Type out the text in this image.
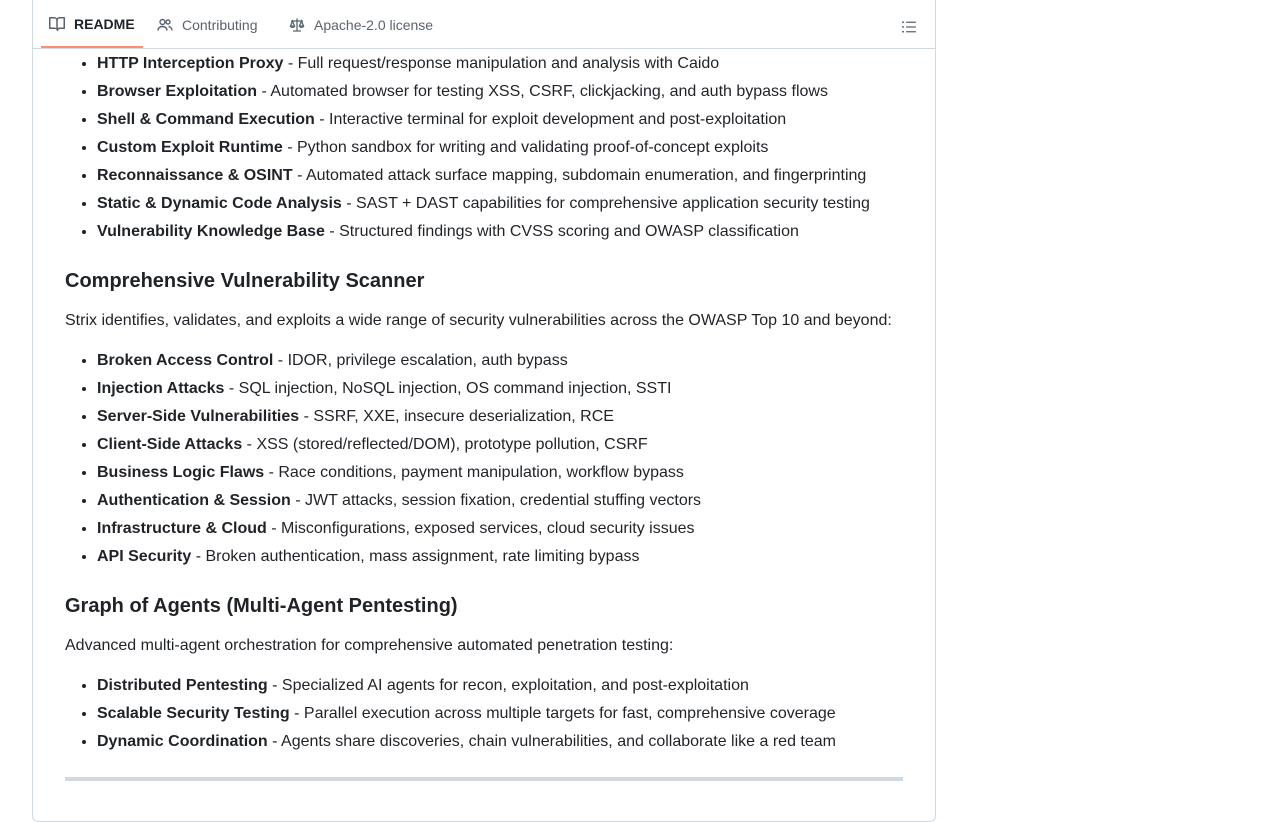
README	Contributing	Apache-2.0 license
• HTTP Interception Proxy - Full request/response manipulation and analysis with Caido
• Browser Exploitation - Automated browser for testing XSS, CSRF, clickjacking, and auth bypass flows
• Shell & Command Execution - Interactive terminal for exploit development and post-exploitation
• Custom Exploit Runtime - Python sandbox for writing and validating proof-of-concept exploits
• Reconnaissance & OSINT - Automated attack surface mapping, subdomain enumeration, and fingerprinting
• Static & Dynamic Code Analysis - SAST + DAST capabilities for comprehensive application security testing
• Vulnerability Knowledge Base - Structured findings with CVSS scoring and OWASP classification
Comprehensive Vulnerability Scanner

Strix identifies, validates, and exploits a wide range of security vulnerabilities across the OWASP Top 10 and beyond:

• Broken Access Control - IDOR, privilege escalation, auth bypass
• Injection Attacks - SQL injection, NoSQL injection, OS command injection, SSTI
• Server-Side Vulnerabilities - SSRF, XXE, insecure deserialization, RCE
• Client-Side Attacks - XSS (stored/reflected/DOM), prototype pollution, CSRF
• Business Logic Flaws - Race conditions, payment manipulation, workflow bypass
• Authentication & Session - JWT attacks, session fixation, credential stuffing vectors
• Infrastructure & Cloud - Misconfigurations, exposed services, cloud security issues
• API Security - Broken authentication, mass assignment, rate limiting bypass
Graph of Agents (Multi-Agent Pentesting)

Advanced multi-agent orchestration for comprehensive automated penetration testing:

• Distributed Pentesting - Specialized AI agents for recon, exploitation, and post-exploitation
• Scalable Security Testing - Parallel execution across multiple targets for fast, comprehensive coverage
• Dynamic Coordination - Agents share discoveries, chain vulnerabilities, and collaborate like a red team
